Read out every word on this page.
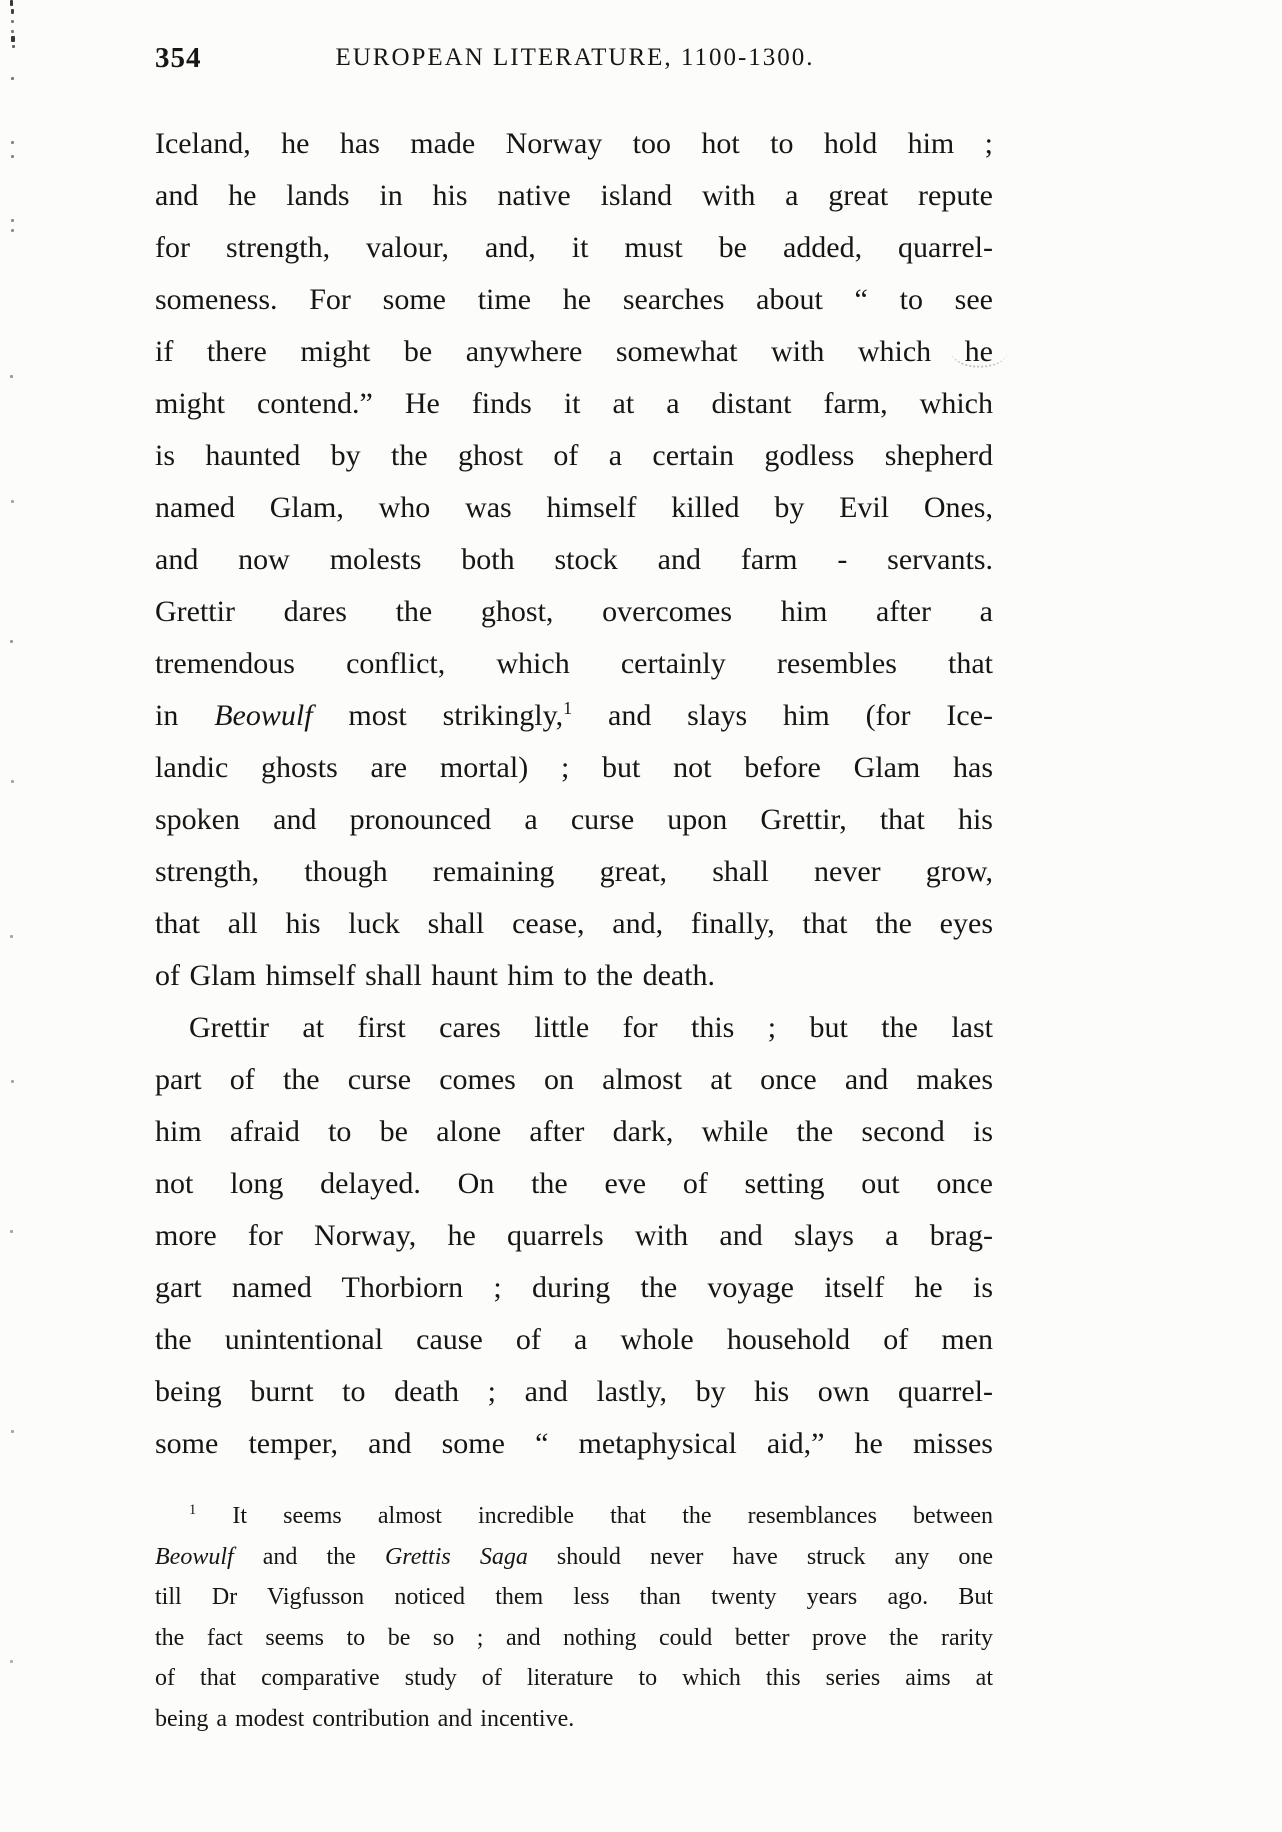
354	EUROPEAN LITERATURE, 1100-1300.
Iceland, he has made Norway too hot to hold him ;
and he lands in his native island with a great repute
for strength, valour, and, it must be added, quarrel-
someness. For some time he searches about “ to see
if there might be anywhere somewhat with which he
might contend.” He finds it at a distant farm, which
is haunted by the ghost of a certain godless shepherd
named Glam, who was himself killed by Evil Ones,
and now molests both stock and farm - servants.
Grettir dares the ghost, overcomes him after a
tremendous conflict, which certainly resembles that
in Beowulf most strikingly,$^1$ and slays him (for Ice-
landic ghosts are mortal) ; but not before Glam has
spoken and pronounced a curse upon Grettir, that his
strength, though remaining great, shall never grow,
that all his luck shall cease, and, finally, that the eyes
of Glam himself shall haunt him to the death.
Grettir at first cares little for this ; but the last
part of the curse comes on almost at once and makes
him afraid to be alone after dark, while the second is
not long delayed. On the eve of setting out once
more for Norway, he quarrels with and slays a brag-
gart named Thorbiorn ; during the voyage itself he is
the unintentional cause of a whole household of men
being burnt to death ; and lastly, by his own quarrel-
some temper, and some “ metaphysical aid,” he misses
$^1$ It seems almost incredible that the resemblances between
Beowulf and the Grettis Saga should never have struck any one
till Dr Vigfusson noticed them less than twenty years ago. But
the fact seems to be so ; and nothing could better prove the rarity
of that comparative study of literature to which this series aims at
being a modest contribution and incentive.
